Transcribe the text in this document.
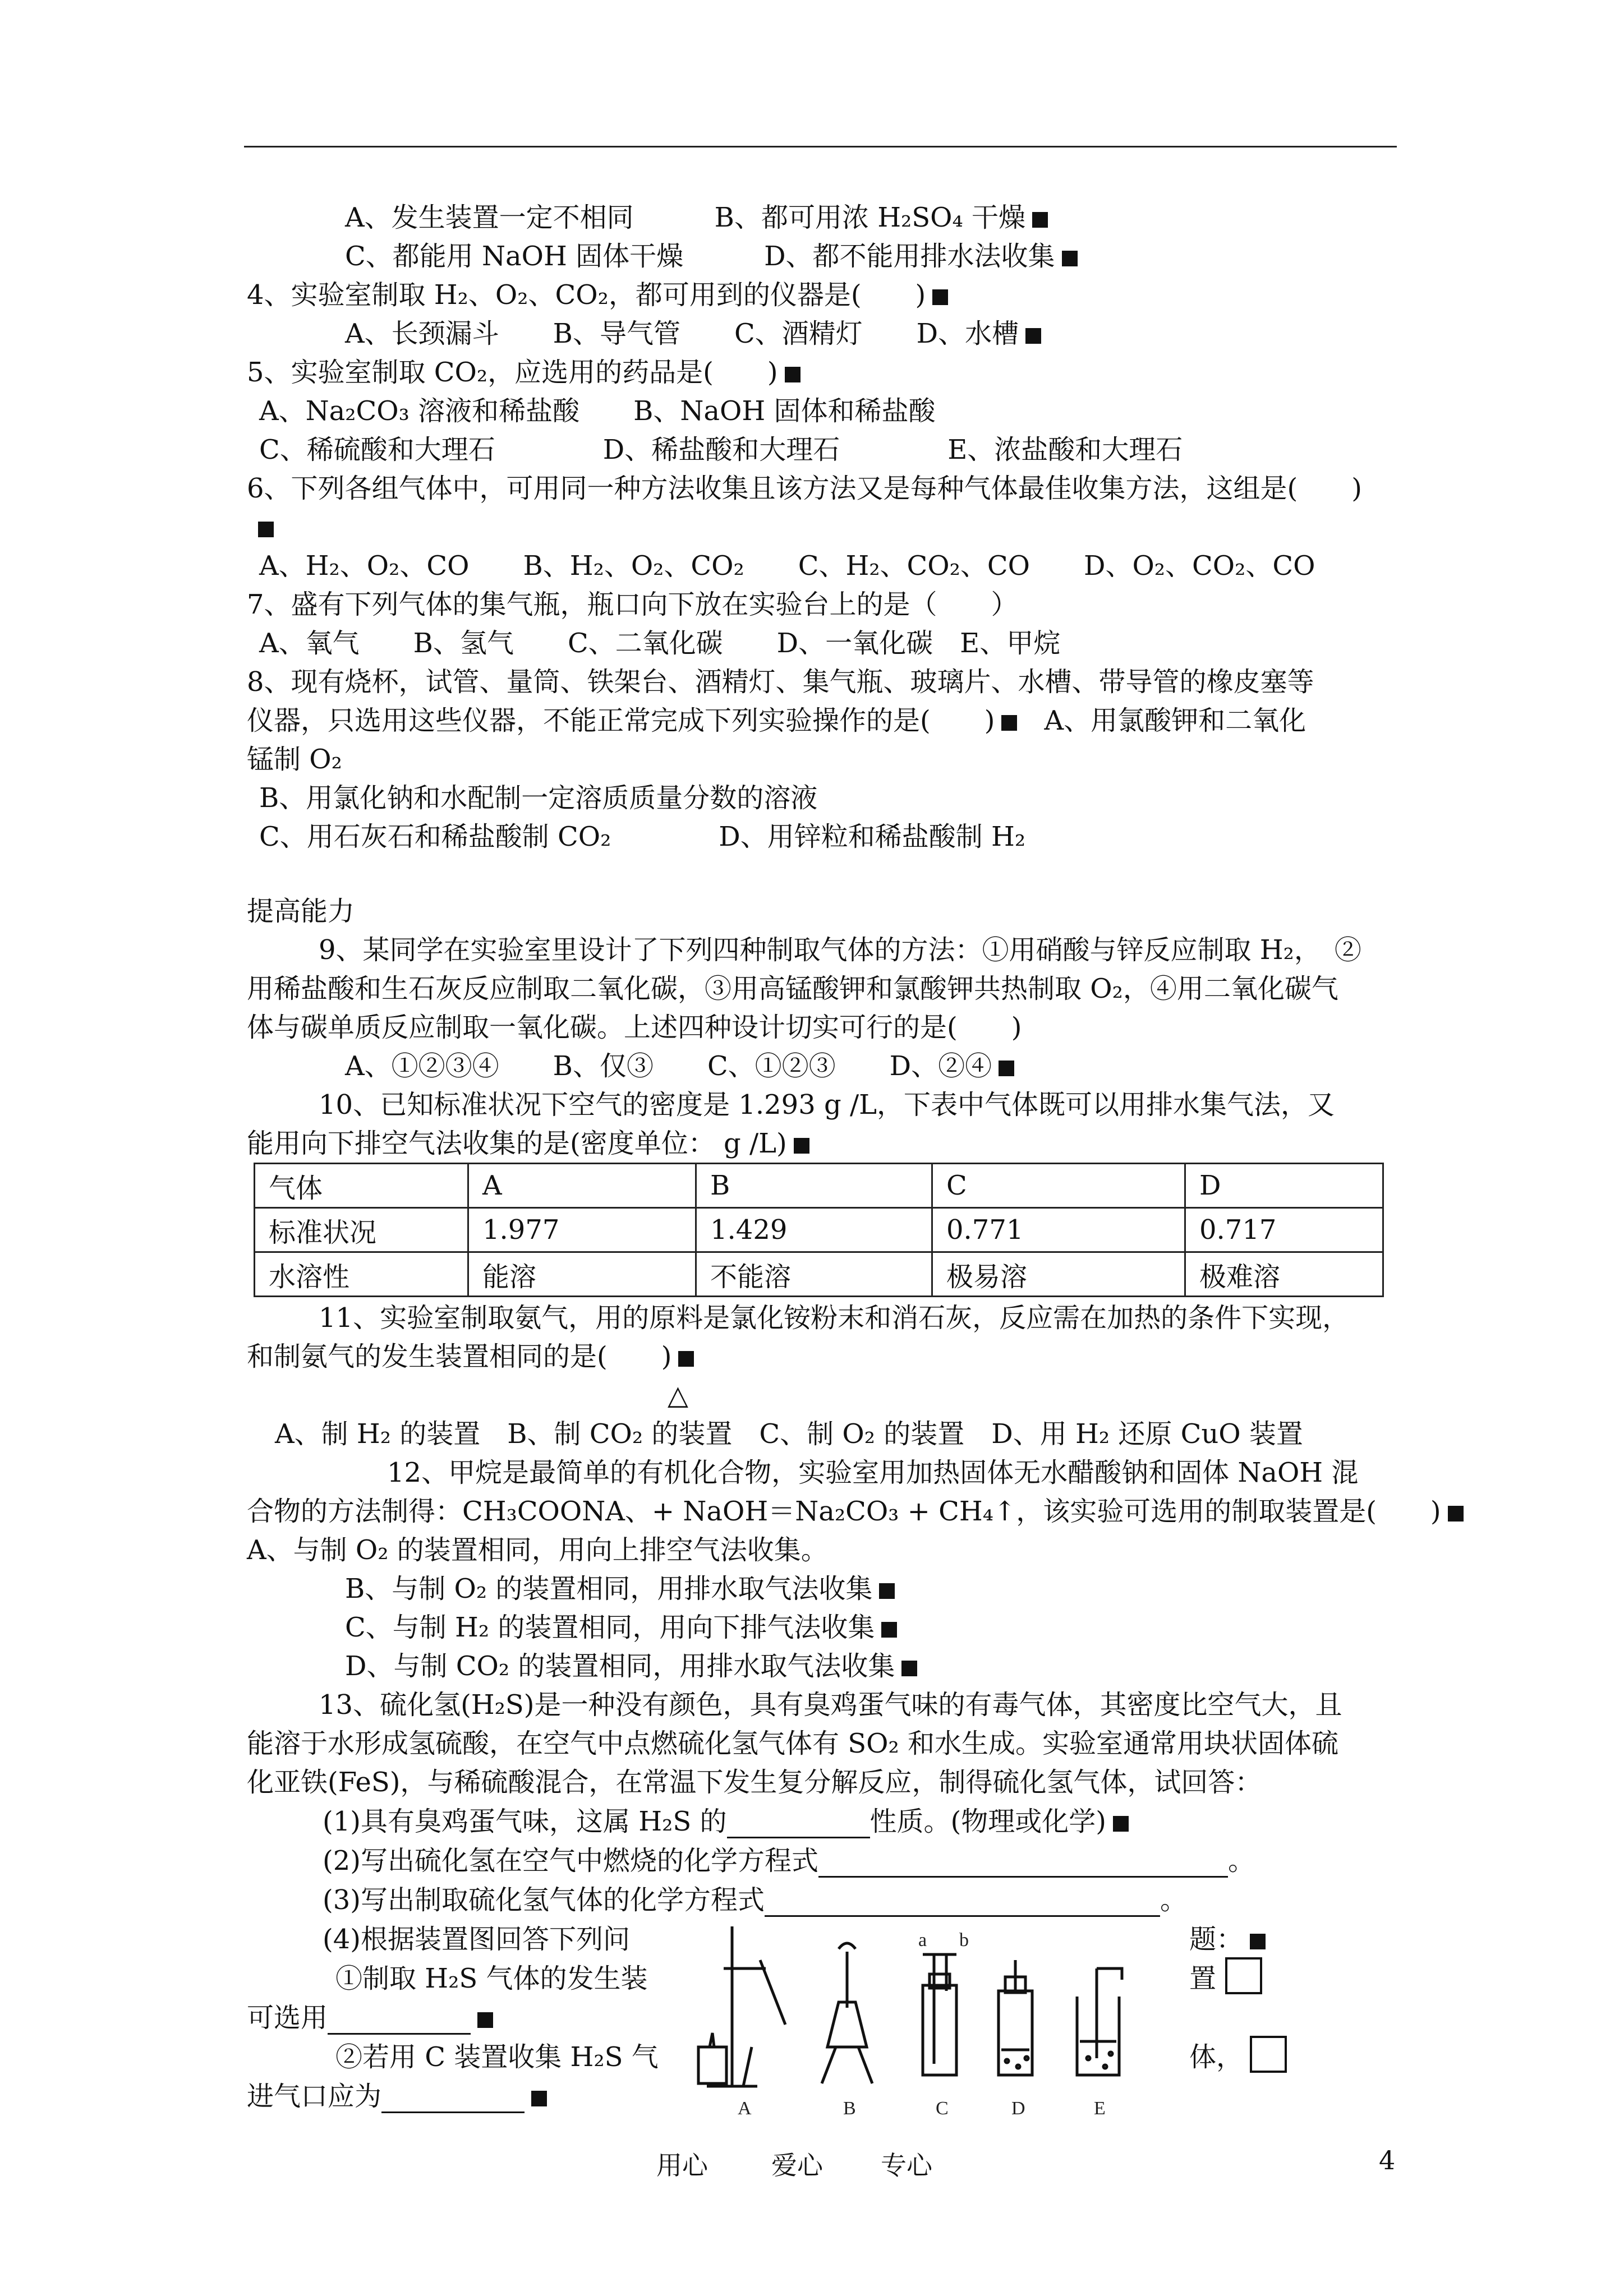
A、发生装置一定不相同　　　B、都可用浓 H₂SO₄ 干燥
C、都能用 NaOH 固体干燥　　　D、都不能用排水法收集
4、实验室制取 H₂、O₂、CO₂，都可用到的仪器是(　　)
A、长颈漏斗　　B、导气管　　C、酒精灯　　D、水槽
5、实验室制取 CO₂，应选用的药品是(　　)
A、Na₂CO₃ 溶液和稀盐酸　　B、NaOH 固体和稀盐酸
C、稀硫酸和大理石　　　　D、稀盐酸和大理石　　　　E、浓盐酸和大理石
6、下列各组气体中，可用同一种方法收集且该方法又是每种气体最佳收集方法，这组是(　　)
A、H₂、O₂、CO　　B、H₂、O₂、CO₂　　C、H₂、CO₂、CO　　D、O₂、CO₂、CO
7、盛有下列气体的集气瓶，瓶口向下放在实验台上的是（　　）
A、氧气　　B、氢气　　C、二氧化碳　　D、一氧化碳　E、甲烷
8、现有烧杯，试管、量筒、铁架台、酒精灯、集气瓶、玻璃片、水槽、带导管的橡皮塞等
仪器，只选用这些仪器，不能正常完成下列实验操作的是(　　)　 A、用氯酸钾和二氧化
锰制 O₂
B、用氯化钠和水配制一定溶质质量分数的溶液
C、用石灰石和稀盐酸制 CO₂　　　　D、用锌粒和稀盐酸制 H₂
提高能力
9、某同学在实验室里设计了下列四种制取气体的方法：①用硝酸与锌反应制取 H₂，　②
用稀盐酸和生石灰反应制取二氧化碳，③用高锰酸钾和氯酸钾共热制取 O₂，④用二氧化碳气
体与碳单质反应制取一氧化碳。上述四种设计切实可行的是(　　)
A、①②③④　　B、仅③　　C、①②③　　D、②④
10、已知标准状况下空气的密度是 1.293 g /L，下表中气体既可以用排水集气法，又
能用向下排空气法收集的是(密度单位： g /L)
气体	A	B	C	D
标准状况	1.977	1.429	0.771	0.717
水溶性	能溶	不能溶	极易溶	极难溶
11、实验室制取氨气，用的原料是氯化铵粉末和消石灰，反应需在加热的条件下实现，
和制氨气的发生装置相同的是(　　)
△
A、制 H₂ 的装置　B、制 CO₂ 的装置　C、制 O₂ 的装置　D、用 H₂ 还原 CuO 装置
12、甲烷是最简单的有机化合物，实验室用加热固体无水醋酸钠和固体 NaOH 混
合物的方法制得：CH₃COONA、+ NaOH＝Na₂CO₃ + CH₄↑，该实验可选用的制取装置是(　　)
A、与制 O₂ 的装置相同，用向上排空气法收集。
B、与制 O₂ 的装置相同，用排水取气法收集
C、与制 H₂ 的装置相同，用向下排气法收集
D、与制 CO₂ 的装置相同，用排水取气法收集
13、硫化氢(H₂S)是一种没有颜色，具有臭鸡蛋气味的有毒气体，其密度比空气大，且
能溶于水形成氢硫酸，在空气中点燃硫化氢气体有 SO₂ 和水生成。实验室通常用块状固体硫
化亚铁(FeS)，与稀硫酸混合，在常温下发生复分解反应，制得硫化氢气体，试回答：
(1)具有臭鸡蛋气味，这属 H₂S 的	性质。(物理或化学)
(2)写出硫化氢在空气中燃烧的化学方程式	。
(3)写出制取硫化氢气体的化学方程式	。
(4)根据装置图回答下列问	题：
①制取 H₂S 气体的发生装	置
可选用
②若用 C 装置收集 H₂S 气	体，
进气口应为	A	B	C	D	E
a b
用心 爱心 专心	4
